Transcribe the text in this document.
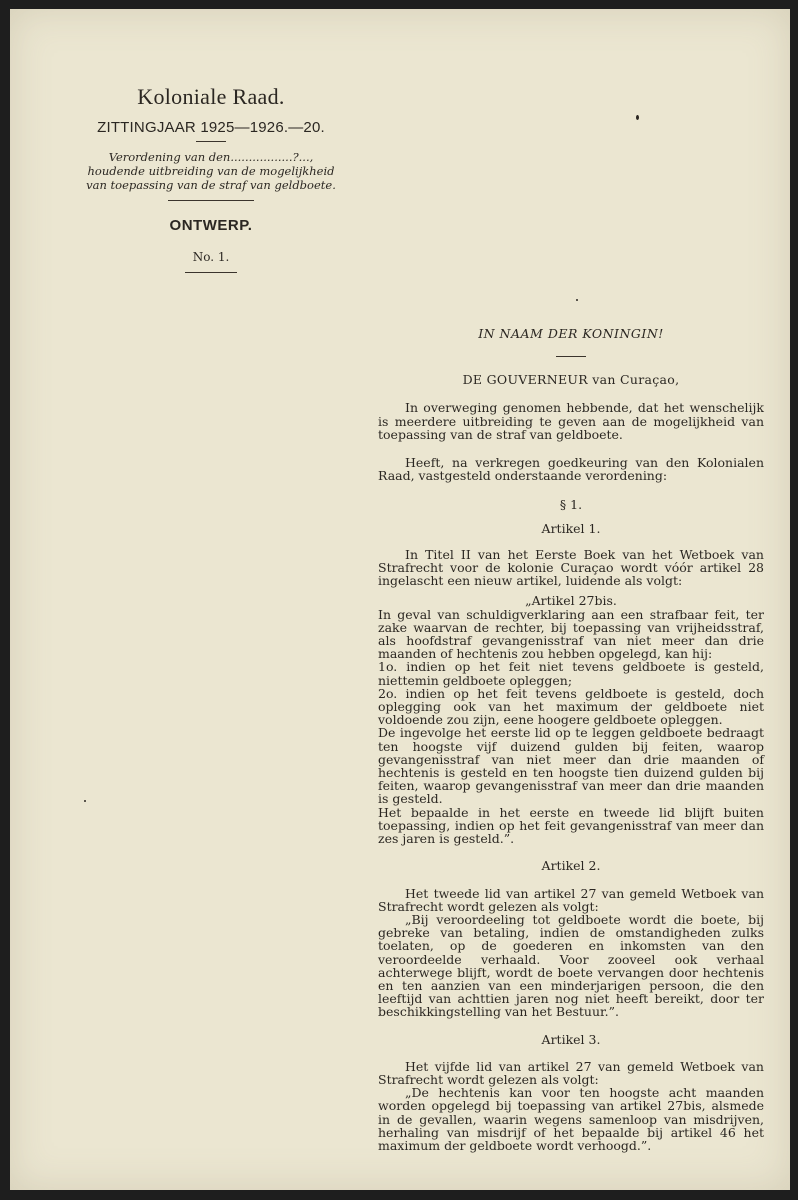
Koloniale Raad.
ZITTINGJAAR 1925—1926.—20.
Verordening van den.................?...,
houdende uitbreiding van de mogelijkheid
van toepassing van de straf van geldboete.
ONTWERP.
No. 1.

IN NAAM DER KONINGIN!

DE GOUVERNEUR van Curaçao,

In overweging genomen hebbende, dat het wenschelijk is meerdere uitbreiding te geven aan de mogelijkheid van toepassing van de straf van geldboete.

Heeft, na verkregen goedkeuring van den Kolonialen Raad, vastgesteld onderstaande verordening:

§ 1.

Artikel 1.

In Titel II van het Eerste Boek van het Wetboek van Strafrecht voor de kolonie Curaçao wordt vóór artikel 28 ingelascht een nieuw artikel, luidende als volgt:

„Artikel 27bis.

In geval van schuldigverklaring aan een strafbaar feit, ter zake waarvan de rechter, bij toepassing van vrijheidsstraf, als hoofdstraf gevangenisstraf van niet meer dan drie maanden of hechtenis zou hebben opgelegd, kan hij:

1o. indien op het feit niet tevens geldboete is gesteld, niettemin geldboete opleggen;

2o. indien op het feit tevens geldboete is gesteld, doch oplegging ook van het maximum der geldboete niet voldoende zou zijn, eene hoogere geldboete opleggen.

De ingevolge het eerste lid op te leggen geldboete bedraagt ten hoogste vijf duizend gulden bij feiten, waarop gevangenisstraf van niet meer dan drie maanden of hechtenis is gesteld en ten hoogste tien duizend gulden bij feiten, waarop gevangenisstraf van meer dan drie maanden is gesteld.

Het bepaalde in het eerste en tweede lid blijft buiten toepassing, indien op het feit gevangenisstraf van meer dan zes jaren is gesteld.”.

Artikel 2.

Het tweede lid van artikel 27 van gemeld Wetboek van Strafrecht wordt gelezen als volgt:

„Bij veroordeeling tot geldboete wordt die boete, bij gebreke van betaling, indien de omstandigheden zulks toelaten, op de goederen en inkomsten van den veroordeelde verhaald. Voor zooveel ook verhaal achterwege blijft, wordt de boete vervangen door hechtenis en ten aanzien van een minderjarigen persoon, die den leeftijd van achttien jaren nog niet heeft bereikt, door ter beschikkingstelling van het Bestuur.”.

Artikel 3.

Het vijfde lid van artikel 27 van gemeld Wetboek van Strafrecht wordt gelezen als volgt:

„De hechtenis kan voor ten hoogste acht maanden worden opgelegd bij toepassing van artikel 27bis, alsmede in de gevallen, waarin wegens samenloop van misdrijven, herhaling van misdrijf of het bepaalde bij artikel 46 het maximum der geldboete wordt verhoogd.”.
